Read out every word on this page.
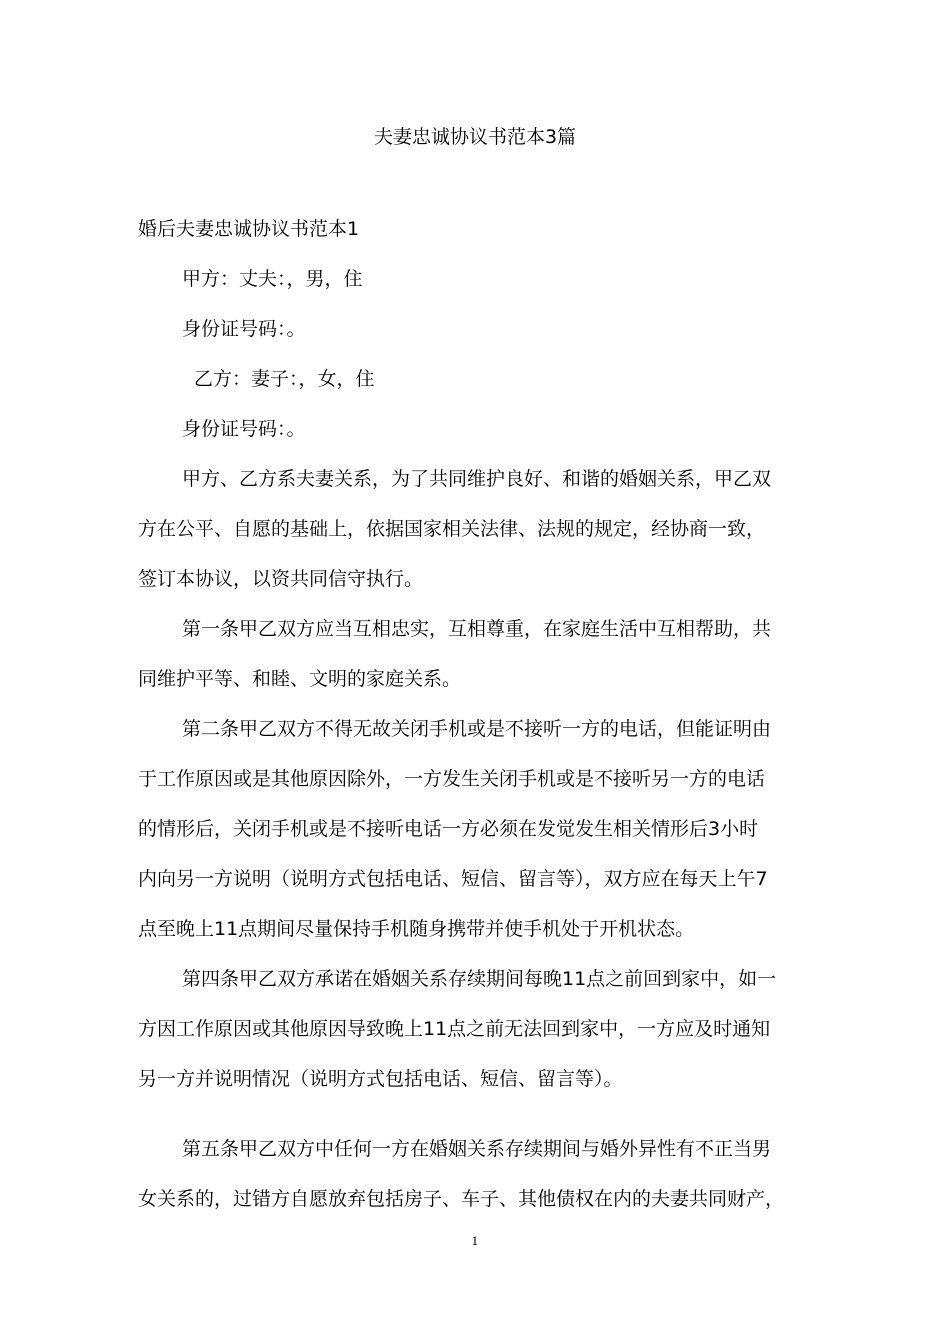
夫妻忠诚协议书范本3篇
婚后夫妻忠诚协议书范本1
甲方：丈夫：，男，住
身份证号码：。
乙方：妻子：，女，住
身份证号码：。
甲方、乙方系夫妻关系，为了共同维护良好、和谐的婚姻关系，甲乙双
方在公平、自愿的基础上，依据国家相关法律、法规的规定，经协商一致，
签订本协议，以资共同信守执行。
第一条甲乙双方应当互相忠实，互相尊重，在家庭生活中互相帮助，共
同维护平等、和睦、文明的家庭关系。
第二条甲乙双方不得无故关闭手机或是不接听一方的电话，但能证明由
于工作原因或是其他原因除外，一方发生关闭手机或是不接听另一方的电话
的情形后，关闭手机或是不接听电话一方必须在发觉发生相关情形后3小时
内向另一方说明（说明方式包括电话、短信、留言等），双方应在每天上午7
点至晚上11点期间尽量保持手机随身携带并使手机处于开机状态。
第四条甲乙双方承诺在婚姻关系存续期间每晚11点之前回到家中，如一
方因工作原因或其他原因导致晚上11点之前无法回到家中，一方应及时通知
另一方并说明情况（说明方式包括电话、短信、留言等）。
第五条甲乙双方中任何一方在婚姻关系存续期间与婚外异性有不正当男
女关系的，过错方自愿放弃包括房子、车子、其他债权在内的夫妻共同财产，
1
